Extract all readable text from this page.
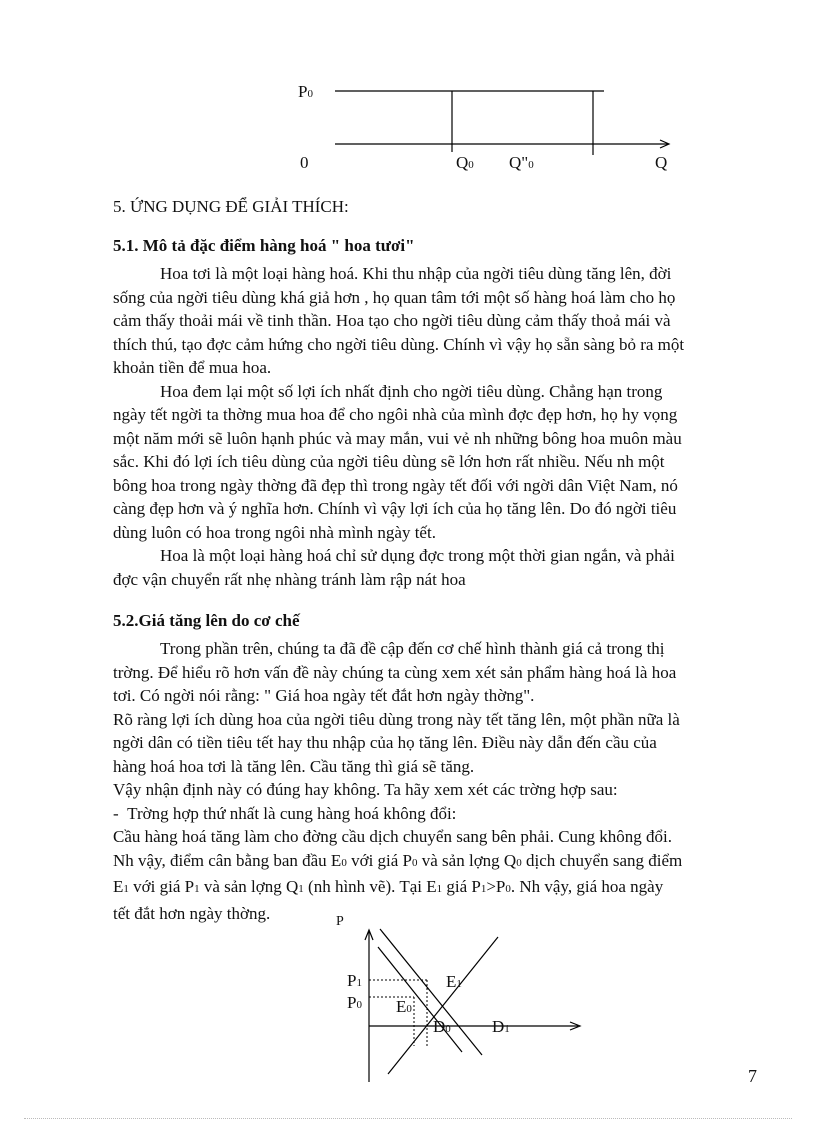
P0
0	Q0 Q"0	Q
5. ỨNG DỤNG ĐỂ GIẢI THÍCH:
5.1. Mô tả đặc điểm hàng hoá " hoa tươi"
Hoa tơi là một loại hàng hoá. Khi thu nhập của ngời tiêu dùng tăng lên, đời
sống của ngời tiêu dùng khá giả hơn , họ quan tâm tới một số hàng hoá làm cho họ
cảm thấy thoải mái về tinh thần. Hoa tạo cho ngời tiêu dùng cảm thấy thoả mái và
thích thú, tạo đợc cảm hứng cho ngời tiêu dùng. Chính vì vậy họ sẵn sàng bỏ ra một
khoản tiền để mua hoa.
Hoa đem lại một số lợi ích nhất định cho ngời tiêu dùng. Chẳng hạn trong
ngày tết ngời ta thờng mua hoa để cho ngôi nhà của mình đợc đẹp hơn, họ hy vọng
một năm mới sẽ luôn hạnh phúc và may mắn, vui vẻ nh những bông hoa muôn màu
sắc. Khi đó lợi ích tiêu dùng của ngời tiêu dùng sẽ lớn hơn rất nhiều. Nếu nh một
bông hoa trong ngày thờng đã đẹp thì trong ngày tết đối với ngời dân Việt Nam, nó
càng đẹp hơn và ý nghĩa hơn. Chính vì vậy lợi ích của họ tăng lên. Do đó ngời tiêu
dùng luôn có hoa trong ngôi nhà mình ngày tết.
Hoa là một loại hàng hoá chỉ sử dụng đợc trong một thời gian ngắn, và phải
đợc vận chuyển rất nhẹ nhàng tránh làm rập nát hoa
5.2.Giá tăng lên do cơ chế
Trong phần trên, chúng ta đã đề cập đến cơ chế hình thành giá cả trong thị
trờng. Để hiểu rõ hơn vấn đề này chúng ta cùng xem xét sản phẩm hàng hoá là hoa
tơi. Có ngời nói rằng: " Giá hoa ngày tết đắt hơn ngày thờng".
Rõ ràng lợi ích dùng hoa của ngời tiêu dùng trong này tết tăng lên, một phần nữa là
ngời dân có tiền tiêu tết hay thu nhập của họ tăng lên. Điều này dẫn đến cầu của
hàng hoá hoa tơi là tăng lên. Cầu tăng thì giá sẽ tăng.
Vậy nhận định này có đúng hay không. Ta hãy xem xét các trờng hợp sau:
- Trờng hợp thứ nhất là cung hàng hoá không đổi:
Cầu hàng hoá tăng làm cho đờng cầu dịch chuyển sang bên phải. Cung không đổi.
Nh vậy, điểm cân bằng ban đầu E0 với giá P0 và sản lợng Q0 dịch chuyển sang điểm
E1 với giá P1 và sản lợng Q1 (nh hình vẽ). Tại E1 giá P1>P0. Nh vậy, giá hoa ngày
tết đắt hơn ngày thờng.	P
P1
P0
E1
E0
D0 D1
7
